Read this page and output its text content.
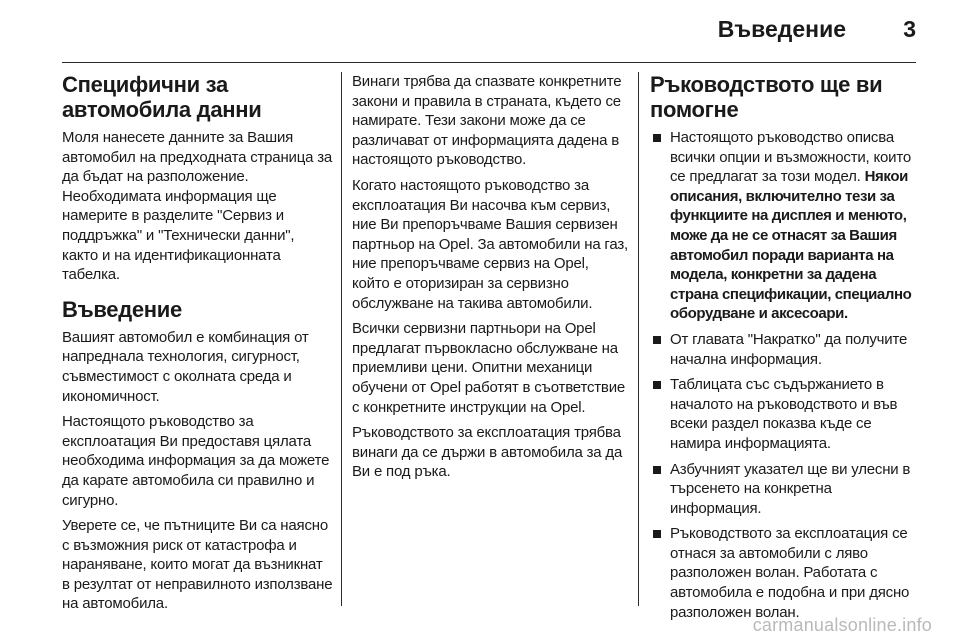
Въведение 3
Специфични за автомобила данни

Моля нанесете данните за Вашия автомобил на предходната страница за да бъдат на разположение. Необходимата информация ще намерите в разделите "Сервиз и поддръжка" и "Технически данни", както и на идентификационната табелка.

Въведение

Вашият автомобил е комбинация от напреднала технология, сигурност, съвместимост с околната среда и икономичност.

Настоящото ръководство за експлоатация Ви предоставя цялата необходима информация за да можете да карате автомобила си правилно и сигурно.

Уверете се, че пътниците Ви са наясно с възможния риск от катастрофа и нараняване, които могат да възникнат в резултат от неправилното използване на автомобила.

Винаги трябва да спазвате конкретните закони и правила в страната, където се намирате. Тези закони може да се различават от информацията дадена в настоящото ръководство.

Когато настоящото ръководство за експлоатация Ви насочва към сервиз, ние Ви препоръчваме Вашия сервизен партньор на Opel. За автомобили на газ, ние препоръчваме сервиз на Opel, който е оторизиран за сервизно обслужване на такива автомобили.

Всички сервизни партньори на Opel предлагат първокласно обслужване на приемливи цени. Опитни механици обучени от Opel работят в съответствие с конкретните инструкции на Opel.

Ръководството за експлоатация трябва винаги да се държи в автомобила за да Ви е под ръка.

Ръководството ще ви помогне
Настоящото ръководство описва всички опции и възможности, които се предлагат за този модел. Някои описания, включително тези за функциите на дисплея и менюто, може да не се отнасят за Вашия автомобил поради варианта на модела, конкретни за дадена страна спецификации, специално оборудване и аксесоари.
От главата "Накратко" да получите начална информация.
Таблицата със съдържанието в началото на ръководството и във всеки раздел показва къде се намира информацията.
Азбучният указател ще ви улесни в търсенето на конкретна информация.
Ръководството за експлоатация се отнася за автомобили с ляво разположен волан. Работата с автомобила е подобна и при дясно разположен волан.
carmanualsonline.info
